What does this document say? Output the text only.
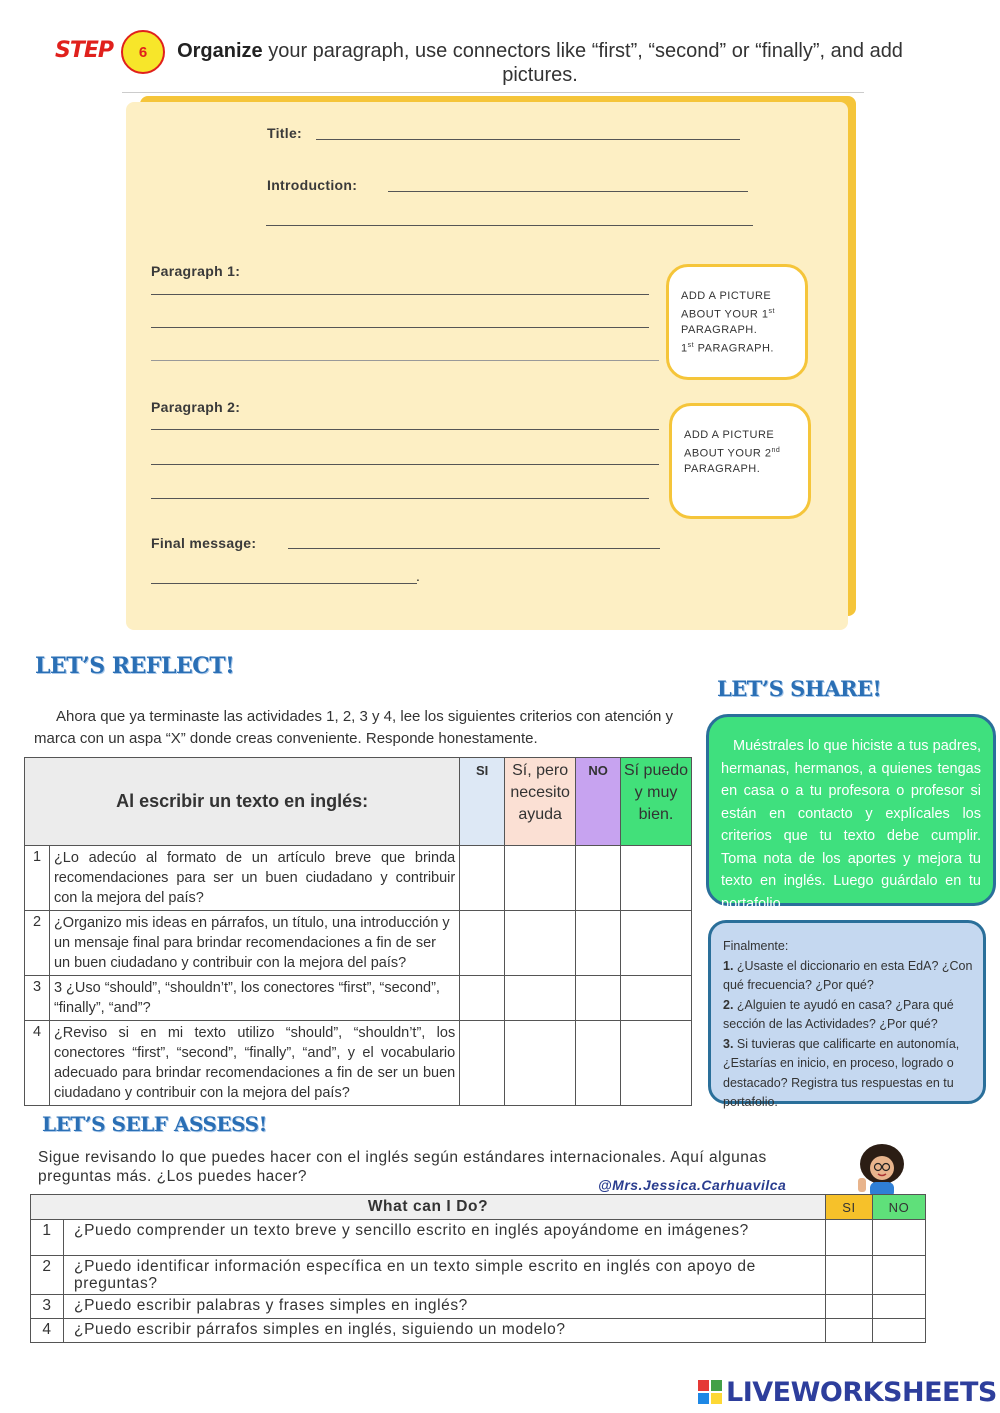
STEP	6	Organize your paragraph, use connectors like “first”, “second” or “finally”, and add pictures.
Title:
Introduction:
Paragraph 1:
ADD A PICTURE
ABOUT YOUR 1st
PARAGRAPH.
1st PARAGRAPH.
Paragraph 2:
ADD A PICTURE
ABOUT YOUR 2nd
PARAGRAPH.
Final message:
.
LET’S REFLECT!
Ahora que ya terminaste las actividades 1, 2, 3 y 4, lee los siguientes criterios con atención y marca con un aspa “X” donde creas conveniente. Responde honestamente.
Al escribir un texto en inglés:		SI	Sí, pero necesito ayuda	NO	Sí puedo y muy bien.
1	¿Lo adecúo al formato de un artículo breve que brinda recomendaciones para ser un buen ciudadano y contribuir con la mejora del país?				
2	¿Organizo mis ideas en párrafos, un título, una introducción y un mensaje final para brindar recomendaciones a fin de ser un buen ciudadano y contribuir con la mejora del país?				
3	3 ¿Uso “should”, “shouldn’t”, los conectores “first”, “second”, “finally”, “and”?				
4	¿Reviso si en mi texto utilizo “should”, “shouldn’t”, los conectores “first”, “second”, “finally”, “and”, y el vocabulario adecuado para brindar recomendaciones a fin de ser un buen ciudadano y contribuir con la mejora del país?				
LET’S SHARE!
Muéstrales lo que hiciste a tus padres, hermanas, hermanos, a quienes tengas en casa o a tu profesora o profesor si están en contacto y explícales los criterios que tu texto debe cumplir. Toma nota de los aportes y mejora tu texto en inglés. Luego guárdalo en tu portafolio.
Finalmente:
1. ¿Usaste el diccionario en esta EdA? ¿Con qué frecuencia? ¿Por qué?
2. ¿Alguien te ayudó en casa? ¿Para qué sección de las Actividades? ¿Por qué?
3. Si tuvieras que calificarte en autonomía, ¿Estarías en inicio, en proceso, logrado o destacado? Registra tus respuestas en tu portafolio.
LET’S SELF ASSESS!
Sigue revisando lo que puedes hacer con el inglés según estándares internacionales. Aquí algunas preguntas más. ¿Los puedes hacer?	@Mrs.Jessica.Carhuavilca
What can I Do?		SI	NO
1	¿Puedo comprender un texto breve y sencillo escrito en inglés apoyándome en imágenes?		
2	¿Puedo identificar información específica en un texto simple escrito en inglés con apoyo de preguntas?		
3	¿Puedo escribir palabras y frases simples en inglés?		
4	¿Puedo escribir párrafos simples en inglés, siguiendo un modelo?		
LIVEWORKSHEETS
